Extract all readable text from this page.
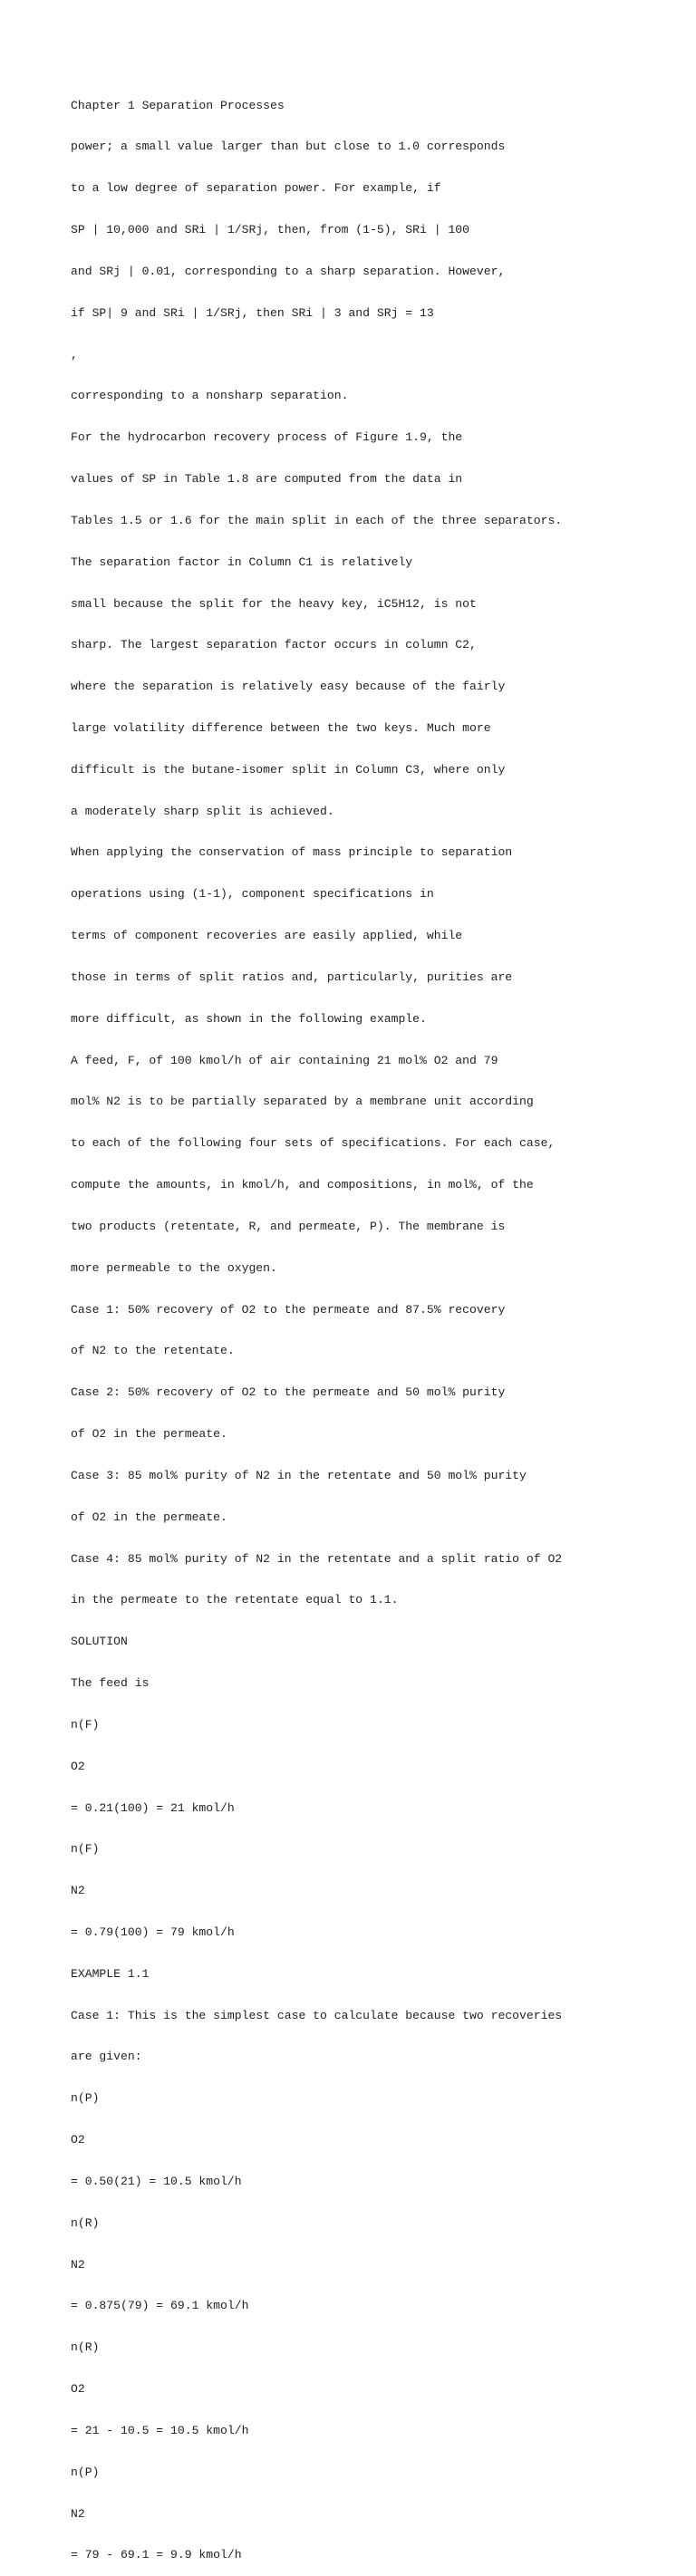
Chapter 1 Separation Processes

power; a small value larger than but close to 1.0 corresponds

to a low degree of separation power. For example, if

SP | 10,000 and SRi | 1/SRj, then, from (1-5), SRi | 100

and SRj | 0.01, corresponding to a sharp separation. However,

if SP| 9 and SRi | 1/SRj, then SRi | 3 and SRj = 13

,

corresponding to a nonsharp separation.

For the hydrocarbon recovery process of Figure 1.9, the

values of SP in Table 1.8 are computed from the data in

Tables 1.5 or 1.6 for the main split in each of the three separators.

The separation factor in Column C1 is relatively

small because the split for the heavy key, iC5H12, is not

sharp. The largest separation factor occurs in column C2,

where the separation is relatively easy because of the fairly

large volatility difference between the two keys. Much more

difficult is the butane-isomer split in Column C3, where only

a moderately sharp split is achieved.

When applying the conservation of mass principle to separation

operations using (1-1), component specifications in

terms of component recoveries are easily applied, while

those in terms of split ratios and, particularly, purities are

more difficult, as shown in the following example.

A feed, F, of 100 kmol/h of air containing 21 mol% O2 and 79

mol% N2 is to be partially separated by a membrane unit according

to each of the following four sets of specifications. For each case,

compute the amounts, in kmol/h, and compositions, in mol%, of the

two products (retentate, R, and permeate, P). The membrane is

more permeable to the oxygen.

Case 1: 50% recovery of O2 to the permeate and 87.5% recovery

of N2 to the retentate.

Case 2: 50% recovery of O2 to the permeate and 50 mol% purity

of O2 in the permeate.

Case 3: 85 mol% purity of N2 in the retentate and 50 mol% purity

of O2 in the permeate.

Case 4: 85 mol% purity of N2 in the retentate and a split ratio of O2

in the permeate to the retentate equal to 1.1.

SOLUTION

The feed is

n(F)

O2

= 0.21(100) = 21 kmol/h

n(F)

N2

= 0.79(100) = 79 kmol/h

EXAMPLE 1.1

Case 1: This is the simplest case to calculate because two recoveries

are given:

n(P)

O2

= 0.50(21) = 10.5 kmol/h

n(R)

N2

= 0.875(79) = 69.1 kmol/h

n(R)

O2

= 21 - 10.5 = 10.5 kmol/h

n(P)

N2

= 79 - 69.1 = 9.9 kmol/h
